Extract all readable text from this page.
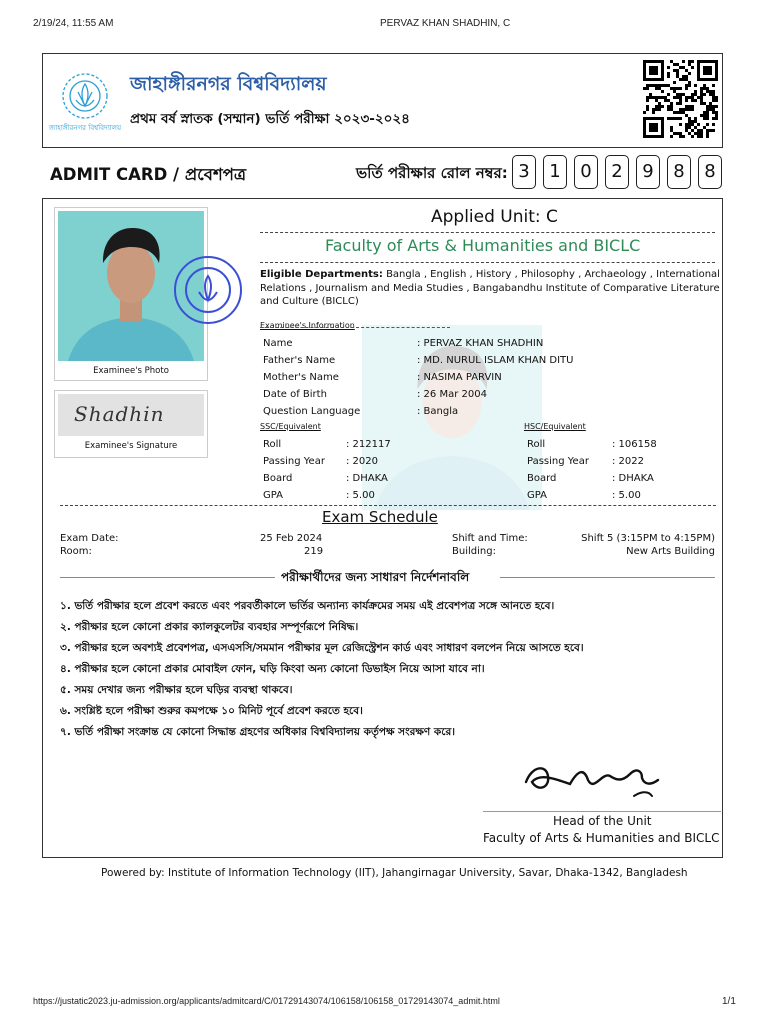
2/19/24, 11:55 AM	PERVAZ KHAN SHADHIN, C
জাহাঙ্গীরনগর বিশ্ববিদ্যালয়
জাহাঙ্গীরনগর বিশ্ববিদ্যালয়
প্রথম বর্ষ স্নাতক (সম্মান) ভর্তি পরীক্ষা ২০২৩-২০২৪
ADMIT CARD / প্রবেশপত্র	ভর্তি পরীক্ষার রোল নম্বর: 3	1	0	2	9	8	8
Examinee's Photo
Shadhin
Examinee's Signature
Applied Unit: C
Faculty of Arts & Humanities and BICLC
Eligible Departments: Bangla , English , History , Philosophy , Archaeology , International Relations , Journalism and Media Studies , Bangabandhu Institute of Comparative Literature and Culture (BICLC)
Examinee's Information
Name	: PERVAZ KHAN SHADHIN
Father's Name	: MD. NURUL ISLAM KHAN DITU
Mother's Name	: NASIMA PARVIN
Date of Birth	: 26 Mar 2004
Question Language	: Bangla
SSC/Equivalent	HSC/Equivalent
Roll	: 212117
Passing Year : 2020
Board	: DHAKA
GPA	: 5.00
Roll	: 106158
Passing Year : 2022
Board	: DHAKA
GPA	: 5.00
Exam Schedule
Exam Date:	25 Feb 2024
Room:	219
Shift and Time:	Shift 5 (3:15PM to 4:15PM)
Building:	New Arts Building
পরীক্ষার্থীদের জন্য সাধারণ নির্দেশনাবলি
১. ভর্তি পরীক্ষার হলে প্রবেশ করতে এবং পরবর্তীকালে ভর্তির অন্যান্য কার্যক্রমের সময় এই প্রবেশপত্র সঙ্গে আনতে হবে।
২. পরীক্ষার হলে কোনো প্রকার ক্যালকুলেটর ব্যবহার সম্পূর্ণরূপে নিষিদ্ধ।
৩. পরীক্ষার হলে অবশ্যই প্রবেশপত্র, এসএসসি/সমমান পরীক্ষার মূল রেজিস্ট্রেশন কার্ড এবং সাধারণ বলপেন নিয়ে আসতে হবে।
৪. পরীক্ষার হলে কোনো প্রকার মোবাইল ফোন, ঘড়ি কিংবা অন্য কোনো ডিভাইস নিয়ে আসা যাবে না।
৫. সময় দেখার জন্য পরীক্ষার হলে ঘড়ির ব্যবস্থা থাকবে।
৬. সংশ্লিষ্ট হলে পরীক্ষা শুরুর কমপক্ষে ১০ মিনিট পূর্বে প্রবেশ করতে হবে।
৭. ভর্তি পরীক্ষা সংক্রান্ত যে কোনো সিদ্ধান্ত গ্রহণের অধিকার বিশ্ববিদ্যালয় কর্তৃপক্ষ সংরক্ষণ করে।
Head of the Unit
Faculty of Arts & Humanities and BICLC
Powered by: Institute of Information Technology (IIT), Jahangirnagar University, Savar, Dhaka-1342, Bangladesh
https://justatic2023.ju-admission.org/applicants/admitcard/C/01729143074/106158/106158_01729143074_admit.html	1/1
